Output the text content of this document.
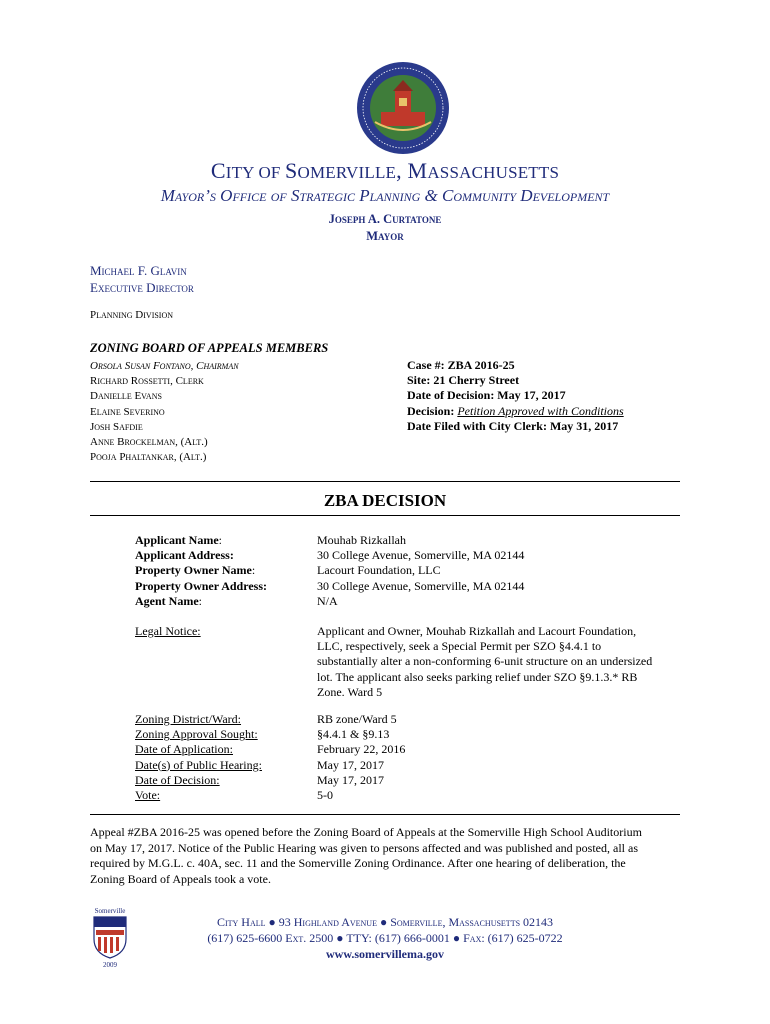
CITY OF SOMERVILLE, MASSACHUSETTS
Mayor’s Office of Strategic Planning & Community Development
Joseph A. Curtatone
Mayor
Michael F. Glavin
Executive Director
Planning Division
ZONING BOARD OF APPEALS MEMBERS
Orsola Susan Fontano, Chairman
Richard Rossetti, Clerk
Danielle Evans
Elaine Severino
Josh Safdie
Anne Brockelman, (Alt.)
Pooja Phaltankar, (Alt.)
Case #: ZBA 2016-25
Site: 21 Cherry Street
Date of Decision: May 17, 2017
Decision: Petition Approved with Conditions
Date Filed with City Clerk: May 31, 2017
ZBA DECISION
Applicant Name:
Applicant Address:
Property Owner Name:
Property Owner Address:
Agent Name:
Mouhab Rizkallah
30 College Avenue, Somerville, MA 02144
Lacourt Foundation, LLC
30 College Avenue, Somerville, MA 02144
N/A
Legal Notice:	Applicant and Owner, Mouhab Rizkallah and Lacourt Foundation,
LLC, respectively, seek a Special Permit per SZO §4.4.1 to
substantially alter a non-conforming 6-unit structure on an undersized
lot. The applicant also seeks parking relief under SZO §9.1.3.* RB
Zone. Ward 5
Zoning District/Ward:
Zoning Approval Sought:
Date of Application:
Date(s) of Public Hearing:
Date of Decision:
Vote:
RB zone/Ward 5
§4.4.1 & §9.13
February 22, 2016
May 17, 2017
May 17, 2017
5-0
Appeal #ZBA 2016-25 was opened before the Zoning Board of Appeals at the Somerville High School Auditorium
on May 17, 2017. Notice of the Public Hearing was given to persons affected and was published and posted, all as
required by M.G.L. c. 40A, sec. 11 and the Somerville Zoning Ordinance. After one hearing of deliberation, the
Zoning Board of Appeals took a vote.
Somerville
2009
City Hall ● 93 Highland Avenue ● Somerville, Massachusetts 02143
(617) 625-6600 Ext. 2500 ● TTY: (617) 666-0001 ● Fax: (617) 625-0722
www.somervillema.gov
